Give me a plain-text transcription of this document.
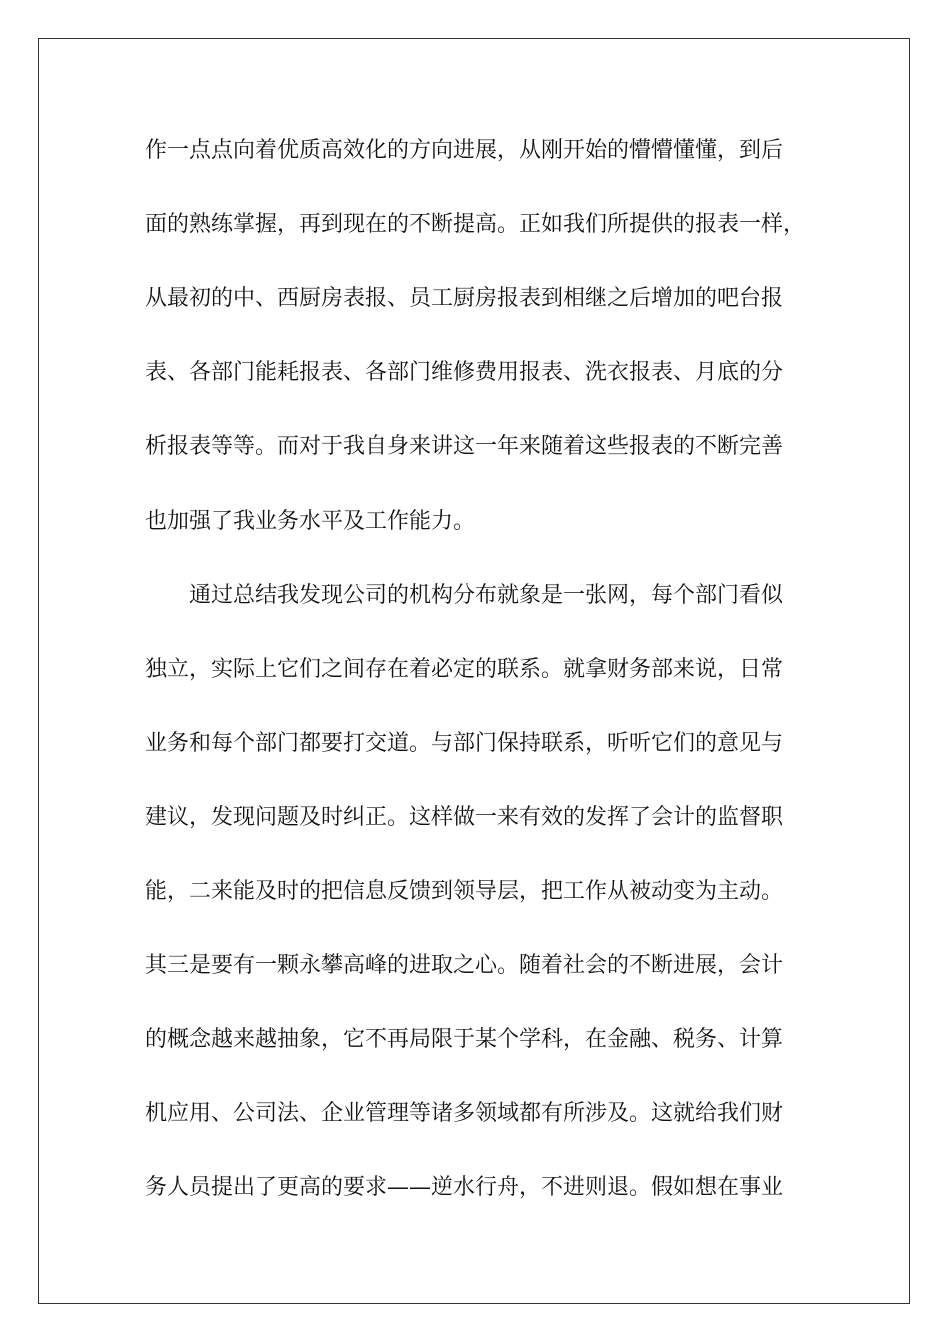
作一点点向着优质高效化的方向进展，从刚开始的懵懵懂懂，到后
面的熟练掌握，再到现在的不断提高。正如我们所提供的报表一样，
从最初的中、西厨房表报、员工厨房报表到相继之后增加的吧台报
表、各部门能耗报表、各部门维修费用报表、洗衣报表、月底的分
析报表等等。而对于我自身来讲这一年来随着这些报表的不断完善
也加强了我业务水平及工作能力。
通过总结我发现公司的机构分布就象是一张网，每个部门看似
独立，实际上它们之间存在着必定的联系。就拿财务部来说，日常
业务和每个部门都要打交道。与部门保持联系，听听它们的意见与
建议，发现问题及时纠正。这样做一来有效的发挥了会计的监督职
能，二来能及时的把信息反馈到领导层，把工作从被动变为主动。
其三是要有一颗永攀高峰的进取之心。随着社会的不断进展，会计
的概念越来越抽象，它不再局限于某个学科，在金融、税务、计算
机应用、公司法、企业管理等诸多领域都有所涉及。这就给我们财
务人员提出了更高的要求——逆水行舟，不进则退。假如想在事业
